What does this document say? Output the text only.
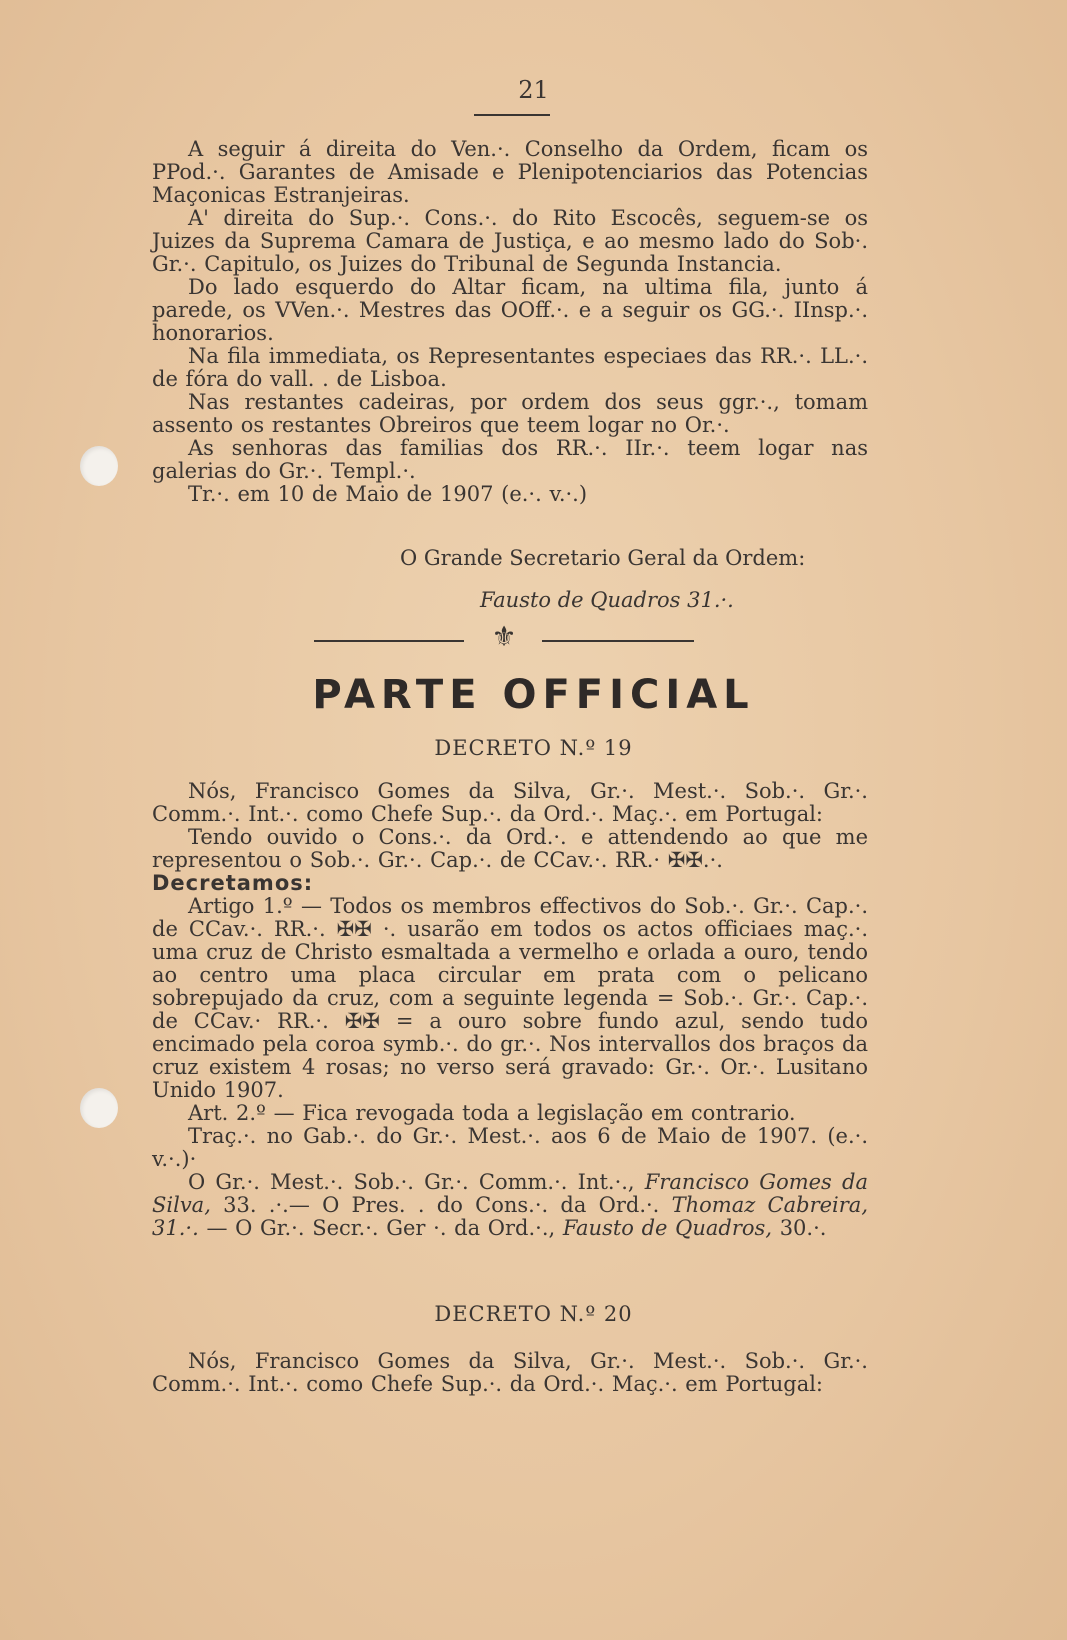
21

A seguir á direita do Ven.·. Conselho da Ordem, ficam os PPod.·. Garantes de Amisade e Plenipotenciarios das Potencias Maçonicas Estranjeiras.

A' direita do Sup.·. Cons.·. do Rito Escocês, seguem-se os Juizes da Suprema Camara de Justiça, e ao mesmo lado do Sob·. Gr.·. Capitulo, os Juizes do Tribunal de Segunda Instancia.

Do lado esquerdo do Altar ficam, na ultima fila, junto á parede, os VVen.·. Mestres das OOff.·. e a seguir os GG.·. IInsp.·. honorarios.

Na fila immediata, os Representantes especiaes das RR.·. LL.·. de fóra do vall. . de Lisboa.

Nas restantes cadeiras, por ordem dos seus ggr.·., tomam assento os restantes Obreiros que teem logar no Or.·.

As senhoras das familias dos RR.·. IIr.·. teem logar nas galerias do Gr.·. Templ.·.

Tr.·. em 10 de Maio de 1907 (e.·. v.·.)

O Grande Secretario Geral da Ordem:
Fausto de Quadros 31.·.
⚜
PARTE OFFICIAL
DECRETO N.º 19

Nós, Francisco Gomes da Silva, Gr.·. Mest.·. Sob.·. Gr.·. Comm.·. Int.·. como Chefe Sup.·. da Ord.·. Maç.·. em Portugal:

Tendo ouvido o Cons.·. da Ord.·. e attendendo ao que me representou o Sob.·. Gr.·. Cap.·. de CCav.·. RR.· ✠✠.·.

Decretamos:

Artigo 1.º — Todos os membros effectivos do Sob.·. Gr.·. Cap.·. de CCav.·. RR.·. ✠✠ ·. usarão em todos os actos officiaes maç.·. uma cruz de Christo esmaltada a vermelho e orlada a ouro, tendo ao centro uma placa circular em prata com o pelicano sobrepujado da cruz, com a seguinte legenda = Sob.·. Gr.·. Cap.·. de CCav.· RR.·. ✠✠ = a ouro sobre fundo azul, sendo tudo encimado pela coroa symb.·. do gr.·. Nos intervallos dos braços da cruz existem 4 rosas; no verso será gravado: Gr.·. Or.·. Lusitano Unido 1907.

Art. 2.º — Fica revogada toda a legislação em contrario.

Traç.·. no Gab.·. do Gr.·. Mest.·. aos 6 de Maio de 1907. (e.·. v.·.)·

O Gr.·. Mest.·. Sob.·. Gr.·. Comm.·. Int.·., Francisco Gomes da Silva, 33. .·.— O Pres. . do Cons.·. da Ord.·. Thomaz Cabreira, 31.·. — O Gr.·. Secr.·. Ger ·. da Ord.·., Fausto de Quadros, 30.·.

DECRETO N.º 20

Nós, Francisco Gomes da Silva, Gr.·. Mest.·. Sob.·. Gr.·. Comm.·. Int.·. como Chefe Sup.·. da Ord.·. Maç.·. em Portugal:
